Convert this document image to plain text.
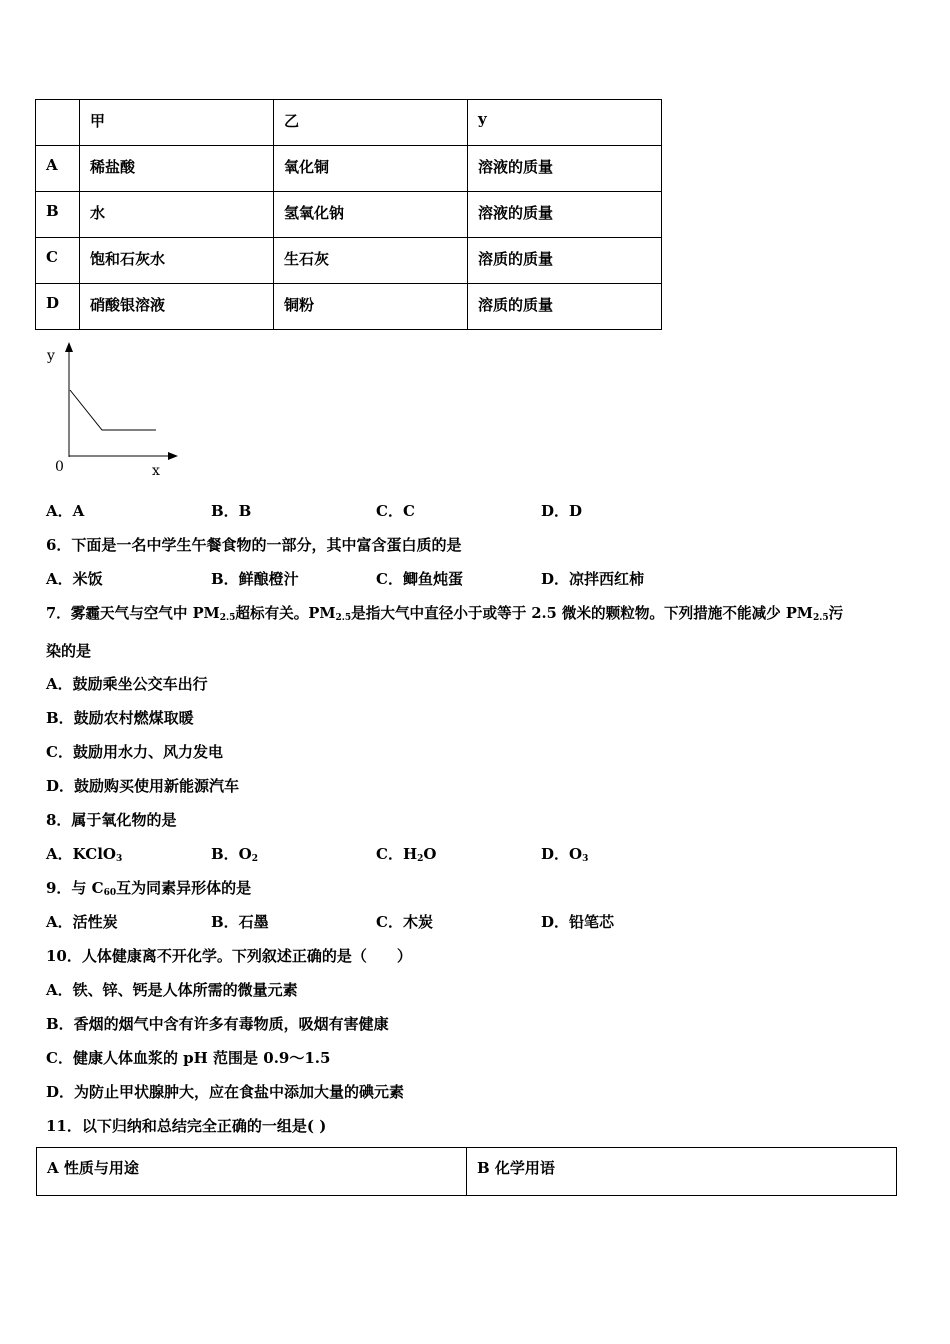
	甲	乙	y
A	稀盐酸	氧化铜	溶液的质量
B	水	氢氧化钠	溶液的质量
C	饱和石灰水	生石灰	溶质的质量
D	硝酸银溶液	铜粉	溶质的质量
y
x
0
A．A	B．B	C．C	D．D
6．下面是一名中学生午餐食物的一部分，其中富含蛋白质的是
A．米饭	B．鲜酿橙汁	C．鲫鱼炖蛋	D．凉拌西红柿
7．雾霾天气与空气中 $PM_{2.5}$超标有关。$PM_{2.5}$是指大气中直径小于或等于 2.5 微米的颗粒物。下列措施不能减少 $PM_{2.5}$污
染的是
A．鼓励乘坐公交车出行
B．鼓励农村燃煤取暖
C．鼓励用水力、风力发电
D．鼓励购买使用新能源汽车
8．属于氧化物的是
A．KClO$_3$	B．$O_2$	C．$H_2O$	D．$O_3$
9．与 $C_{60}$互为同素异形体的是
A．活性炭	B．石墨	C．木炭	D．铅笔芯
10．人体健康离不开化学。下列叙述正确的是（　　）
A．铁、锌、钙是人体所需的微量元素
B．香烟的烟气中含有许多有毒物质，吸烟有害健康
C．健康人体血浆的 pH 范围是 0.9～1.5
D．为防止甲状腺肿大，应在食盐中添加大量的碘元素
11．以下归纳和总结完全正确的一组是( )
A 性质与用途	B 化学用语
